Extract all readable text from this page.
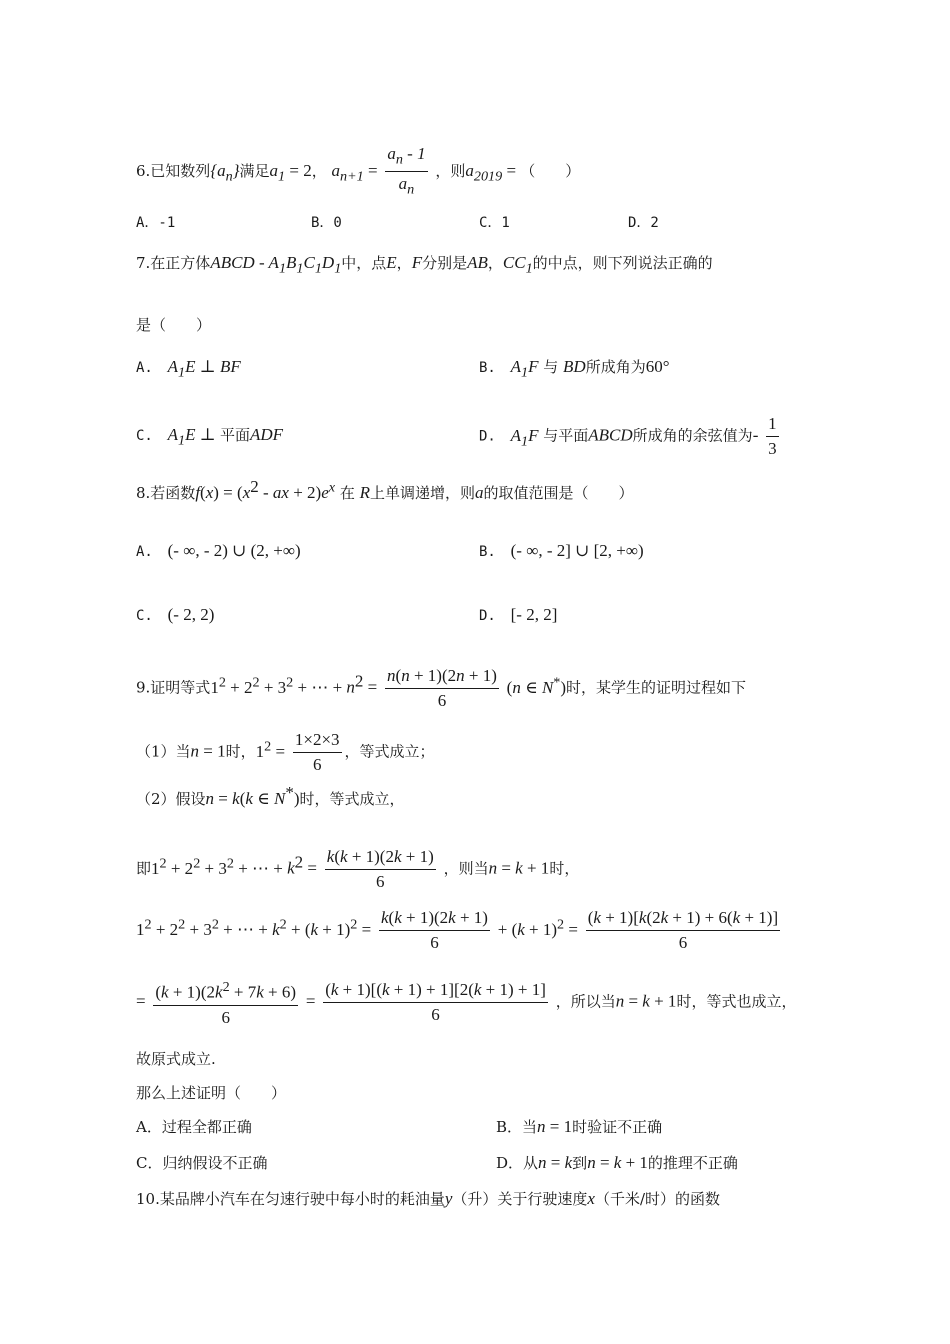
6.已知数列$\{a_n\}$满足$a_1 = 2$， $a_{n+1} = \frac{a_n - 1}{a_n}$ ，则$a_{2019}$ = （　　）
A．-1	B．0	C．1	D．2
7.在正方体ABCD - $A_1B_1C_1D_1$中，点E，F分别是AB，$CC_1$的中点，则下列说法正确的
是（　　）
A. $A_1E$ ⊥ BF	B. $A_1F$ 与 BD所成角为60°
C. $A_1E$ ⊥ 平面ADF	D. $A_1F$ 与平面ABCD所成角的余弦值为- $\frac{1}{3}$
8.若函数$f(x) = (x^2$ - ax + $2)e^x$ 在 R上单调递增，则a的取值范围是（　　）
A. (- ∞, - 2) ∪ (2, +∞)	B. (- ∞, - 2] ∪ [2, +∞)
C. (- 2, 2)	D. [- 2, 2]
9.证明等式$1^2 + 2^2 + 3^2$ + ⋯ + $n^2 = \frac{n(n + 1)(2n + 1)}{6} (n$ ∈ N*)时，某学生的证明过程如下
（1）当n = 1时，$1^2 = \frac{1\times 2\times 3}{6}$ ，等式成立；
（2）假设n = k(k ∈ N*)时，等式成立，
即$1^2 + 2^2 + 3^2$ + ⋯ + $k^2 = \frac{k(k + 1)(2k + 1)}{6}$ ，则当n = k + 1时，
$1^2 + 2^2 + 3^2$ + ⋯ + $k^2 + (k + 1)^2 = \frac{k(k + 1)(2k + 1)}{6} + (k + 1)^2 = \frac{(k + 1)[k(2k + 1) + 6(k + 1)]}{6}$
= $\frac{(k + 1)(2k^2 + 7k + 6)}{6} = \frac{(k + 1)[(k + 1) + 1][2(k + 1) + 1]}{6}$ ，所以当n = k + 1时，等式也成立，
故原式成立.
那么上述证明（　　）
A．过程全都正确	B．当n = 1时验证不正确
C．归纳假设不正确	D．从n = k到n = k + 1的推理不正确
10.某品牌小汽车在匀速行驶中每小时的耗油量y（升）关于行驶速度x（千米/时）的函数
